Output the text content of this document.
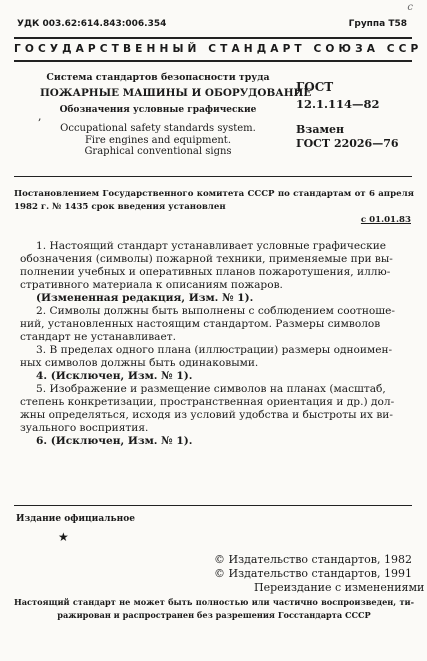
УДК 003.62:614.843:006.354	Группа Т58
c
ГОСУДАРСТВЕННЫЙ СТАНДАРТ СОЮЗА ССР
Система стандартов безопасности труда
ПОЖАРНЫЕ МАШИНЫ И ОБОРУДОВАНИЕ
Обозначения условные графические
Occupational safety standards system.
Fire engines and equipment.
Graphical conventional signs
,
ГОСТ
12.1.114—82
Взамен
ГОСТ 22026—76
Постановлением Государственного комитета СССР по стандартам от 6 апреля
1982 г. № 1435 срок введения установлен
с 01.01.83

1. Настоящий стандарт устанавливает условные графические

обозначения (символы) пожарной техники, применяемые при вы-
полнении учебных и оперативных планов пожаротушения, иллю-
стративного материала к описаниям пожаров.

(Измененная редакция, Изм. № 1).

2. Символы должны быть выполнены с соблюдением соотноше-
ний, установленных настоящим стандартом. Размеры символов
стандарт не устанавливает.

3. В пределах одного плана (иллюстрации) размеры одноимен-
ных символов должны быть одинаковыми.

4. (Исключен, Изм. № 1).

5. Изображение и размещение символов на планах (масштаб,
степень конкретизации, пространственная ориентация и др.) дол-
жны определяться, исходя из условий удобства и быстроты их ви-
зуального восприятия.

6. (Исключен, Изм. № 1).

Издание официальное
★
© Издательство стандартов, 1982
© Издательство стандартов, 1991
Переиздание с изменениями
Настоящий стандарт не может быть полностью или частично воспроизведен, ти-
ражирован и распространен без разрешения Госстандарта СССР
